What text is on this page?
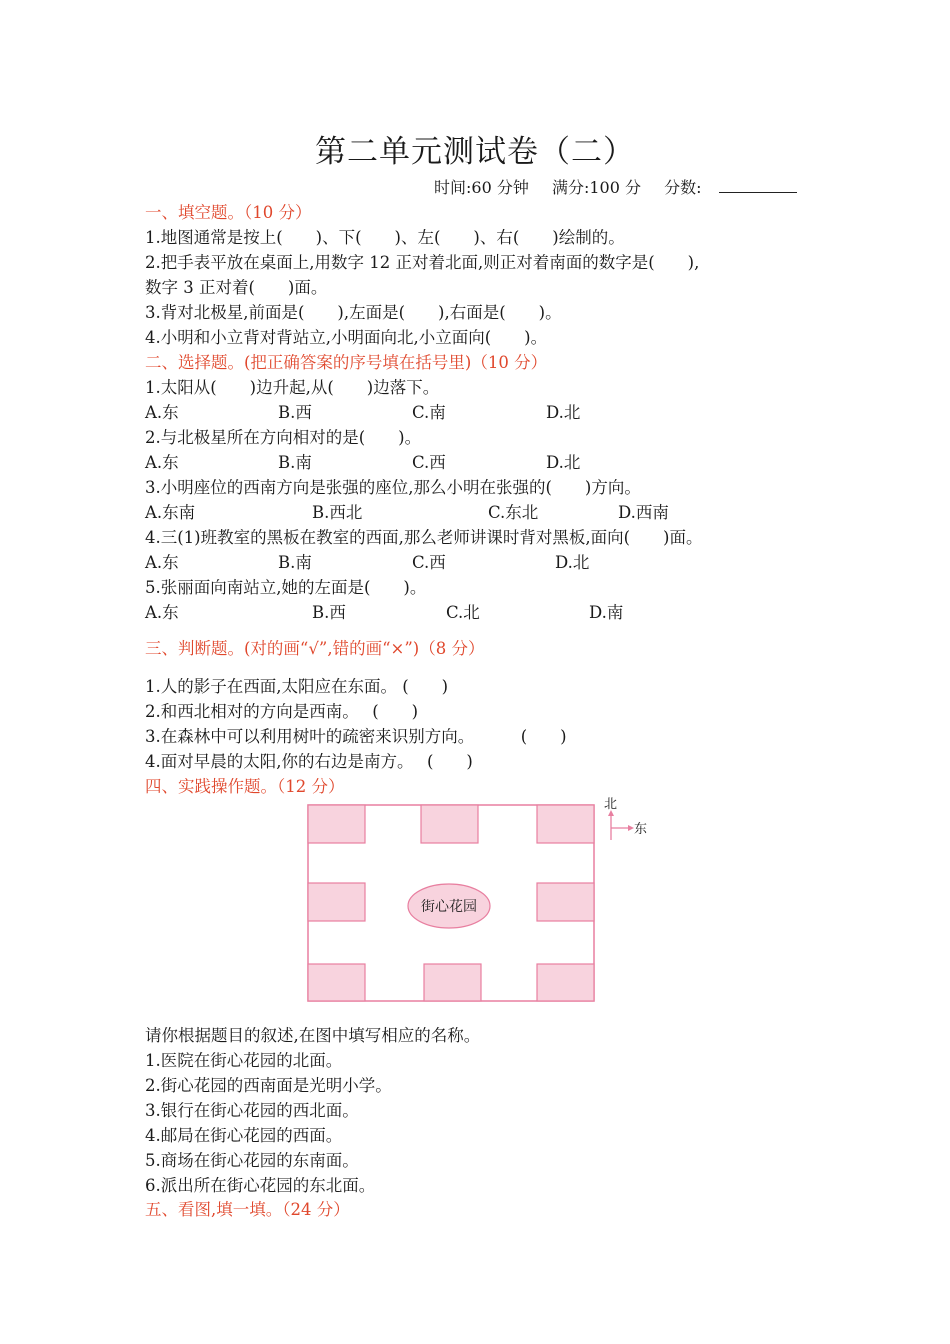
第二单元测试卷（二）
时间:60 分钟 满分:100 分 分数:
一、填空题。（10 分）
1.地图通常是按上(　　)、下(　　)、左(　　)、右(　　)绘制的。
2.把手表平放在桌面上,用数字 12 正对着北面,则正对着南面的数字是(　　),
数字 3 正对着(　　)面。
3.背对北极星,前面是(　　),左面是(　　),右面是(　　)。
4.小明和小立背对背站立,小明面向北,小立面向(　　)。
二、选择题。(把正确答案的序号填在括号里)（10 分）
1.太阳从(　　)边升起,从(　　)边落下。
A.东	B.西	C.南	D.北
2.与北极星所在方向相对的是(　　)。
A.东	B.南	C.西	D.北
3.小明座位的西南方向是张强的座位,那么小明在张强的(　　)方向。
A.东南	B.西北	C.东北	D.西南
4.三(1)班教室的黑板在教室的西面,那么老师讲课时背对黑板,面向(　　)面。
A.东	B.南	C.西	D.北
5.张丽面向南站立,她的左面是(　　)。
A.东	B.西	C.北	D.南
三、判断题。(对的画“√”,错的画“×”)（8 分）
1.人的影子在西面,太阳应在东面。 (　　)
2.和西北相对的方向是西南。　 (　　)
3.在森林中可以利用树叶的疏密来识别方向。　　　 (　　)
4.面对早晨的太阳,你的右边是南方。　 (　　)
四、实践操作题。（12 分）
街心花园
北
东
请你根据题目的叙述,在图中填写相应的名称。
1.医院在街心花园的北面。
2.街心花园的西南面是光明小学。
3.银行在街心花园的西北面。
4.邮局在街心花园的西面。
5.商场在街心花园的东南面。
6.派出所在街心花园的东北面。
五、看图,填一填。（24 分）
